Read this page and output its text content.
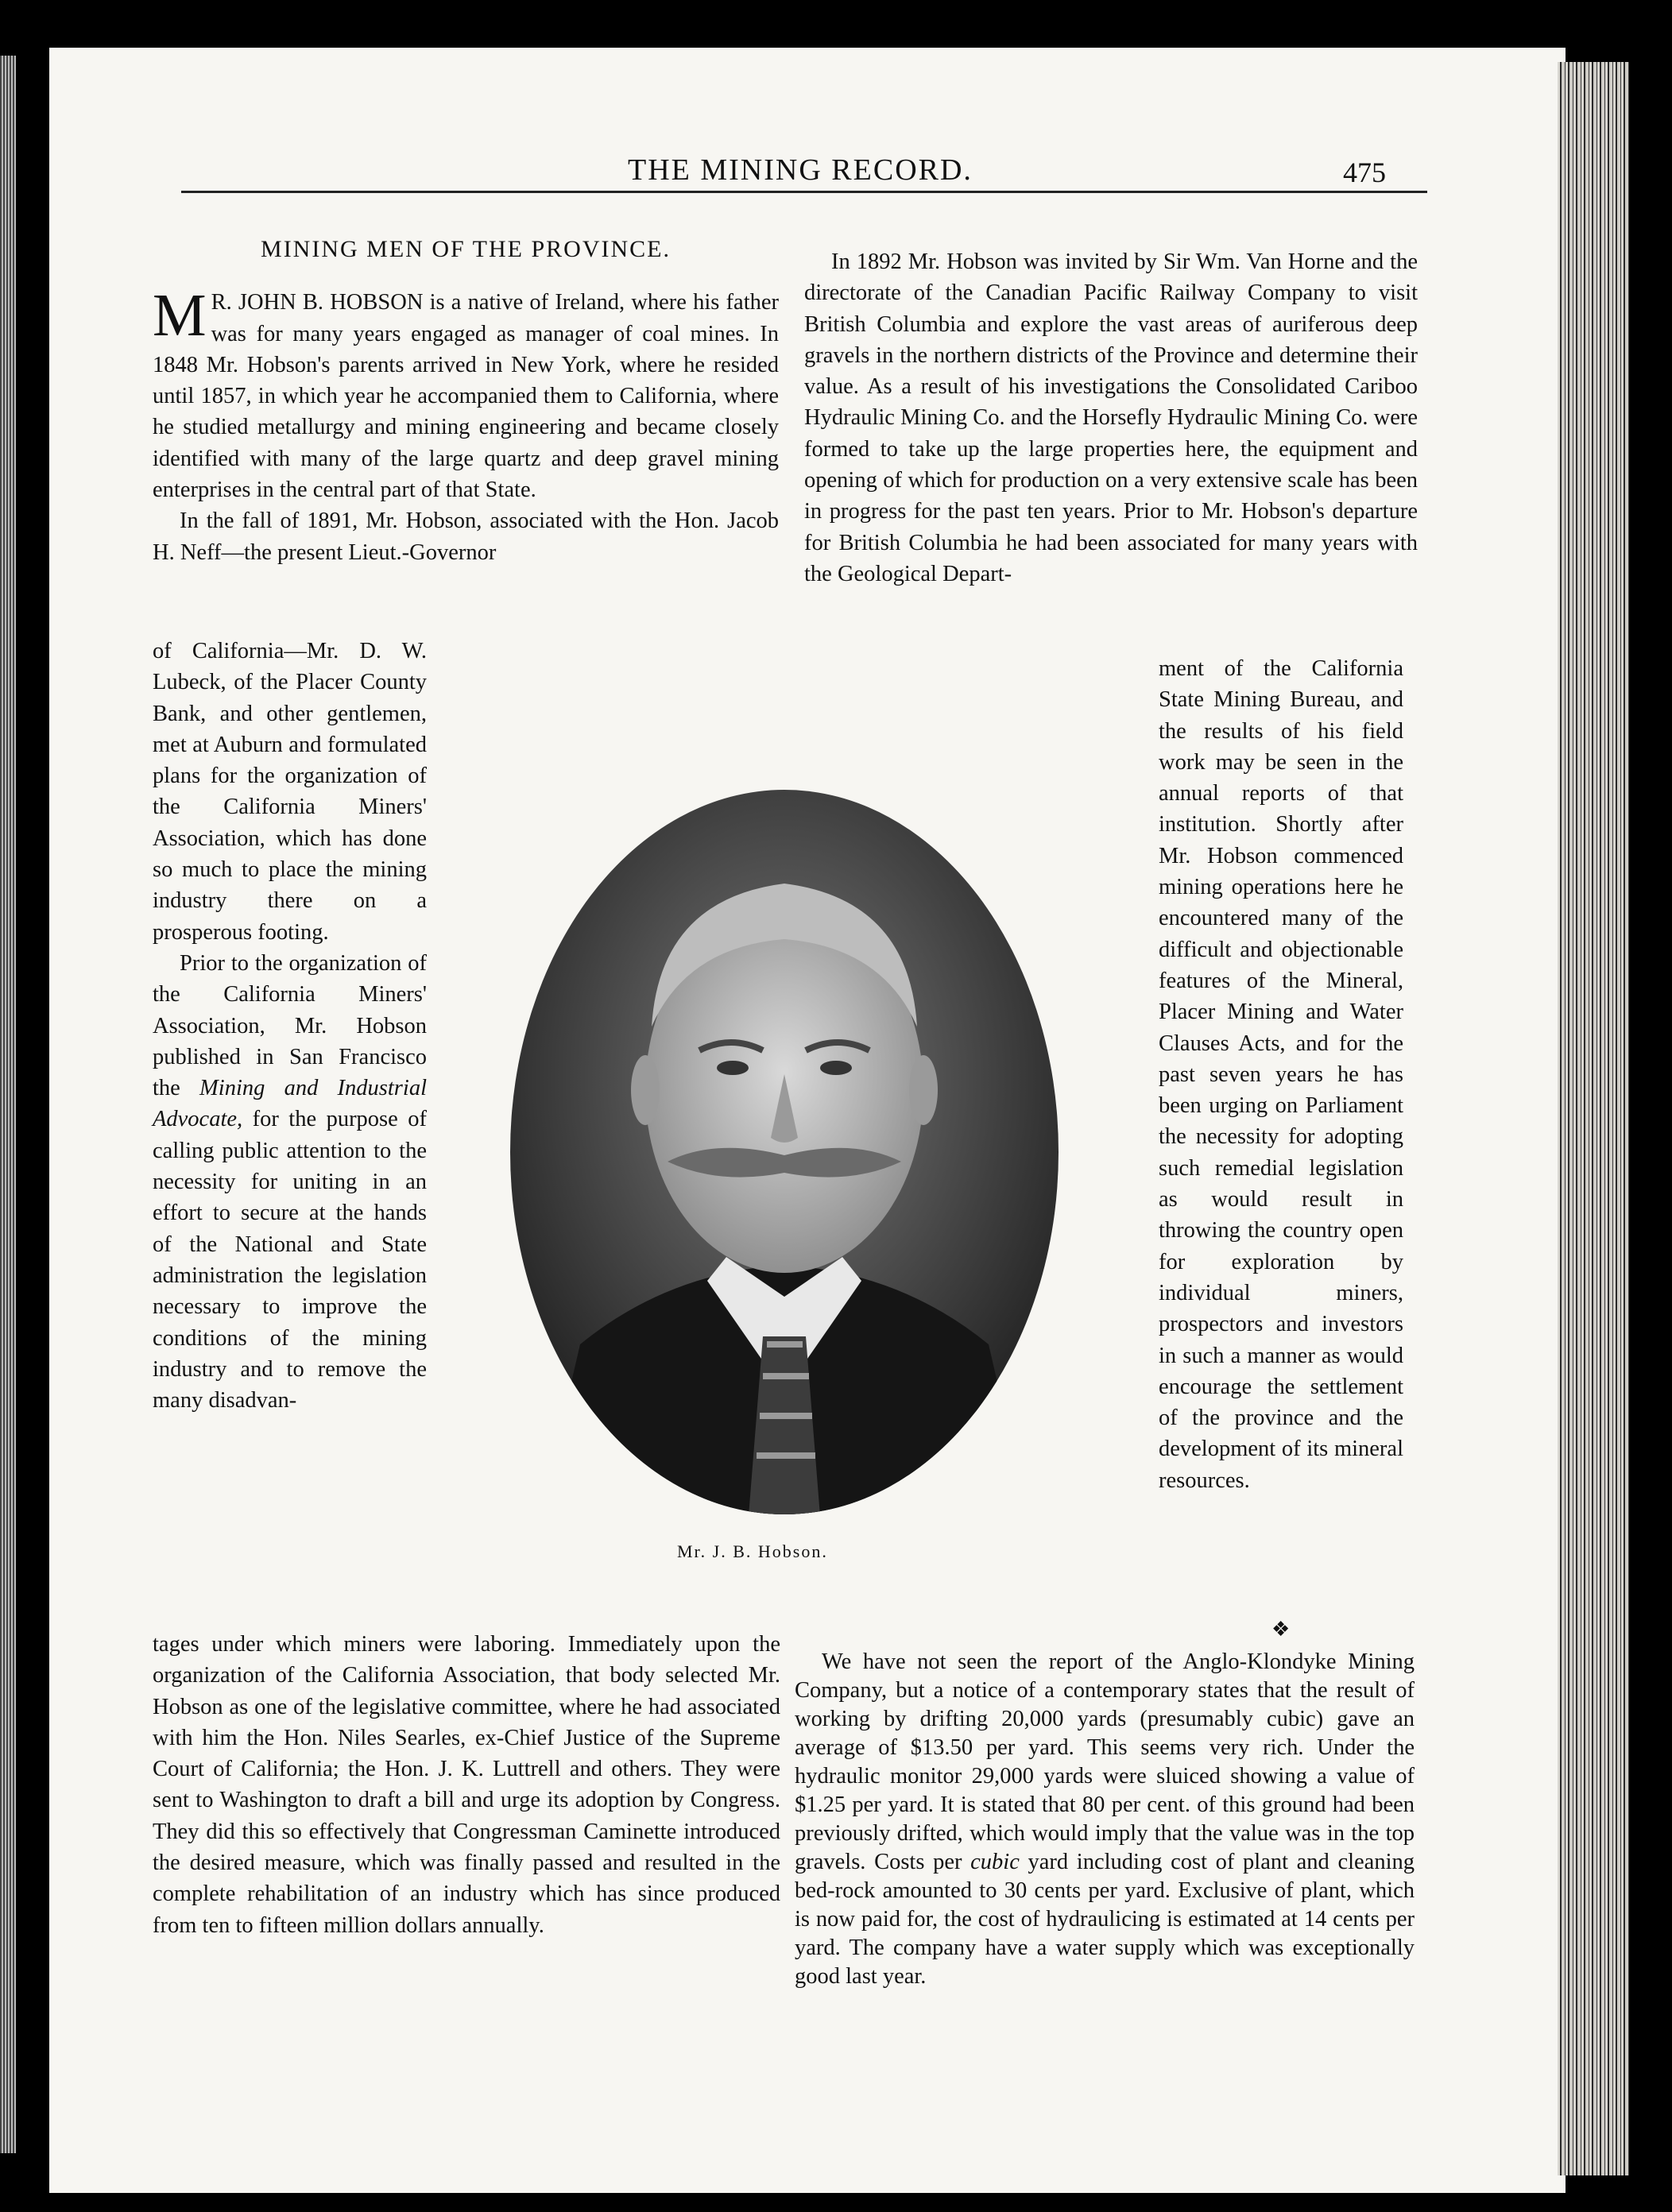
THE MINING RECORD.	475
MINING MEN OF THE PROVINCE.

M R. JOHN B. HOBSON is a native of Ireland, where his father was for many years engaged as manager of coal mines. In 1848 Mr. Hobson's parents arrived in New York, where he resided until 1857, in which year he accompanied them to California, where he studied metallurgy and mining engineering and became closely identified with many of the large quartz and deep gravel mining enterprises in the central part of that State.

In the fall of 1891, Mr. Hobson, associated with the Hon. Jacob H. Neff—the present Lieut.-Governor

of California—Mr. D. W. Lubeck, of the Placer County Bank, and other gentlemen, met at Auburn and formulated plans for the organization of the California Miners' Association, which has done so much to place the mining industry there on a prosperous footing.

Prior to the organization of the California Miners' Association, Mr. Hobson published in San Francisco the Mining and Industrial Advocate, for the purpose of calling public attention to the necessity for uniting in an effort to secure at the hands of the National and State administration the legislation necessary to improve the conditions of the mining industry and to remove the many disadvan-

In 1892 Mr. Hobson was invited by Sir Wm. Van Horne and the directorate of the Canadian Pacific Railway Company to visit British Columbia and explore the vast areas of auriferous deep gravels in the northern districts of the Province and determine their value. As a result of his investigations the Consolidated Cariboo Hydraulic Mining Co. and the Horsefly Hydraulic Mining Co. were formed to take up the large properties here, the equipment and opening of which for production on a very extensive scale has been in progress for the past ten years. Prior to Mr. Hobson's departure for British Columbia he had been associated for many years with the Geological Depart-

ment of the California State Mining Bureau, and the results of his field work may be seen in the annual reports of that institution. Shortly after Mr. Hobson commenced mining operations here he encountered many of the difficult and objectionable features of the Mineral, Placer Mining and Water Clauses Acts, and for the past seven years he has been urging on Parliament the necessity for adopting such remedial legislation as would result in throwing the country open for exploration by individual miners, prospectors and investors in such a manner as would encourage the settlement of the province and the development of its mineral resources.

Mr. J. B. Hobson.
❖

tages under which miners were laboring. Immediately upon the organization of the California Association, that body selected Mr. Hobson as one of the legislative committee, where he had associated with him the Hon. Niles Searles, ex-Chief Justice of the Supreme Court of California; the Hon. J. K. Luttrell and others. They were sent to Washington to draft a bill and urge its adoption by Congress. They did this so effectively that Congressman Caminette introduced the desired measure, which was finally passed and resulted in the complete rehabilitation of an industry which has since produced from ten to fifteen million dollars annually.

We have not seen the report of the Anglo-Klondyke Mining Company, but a notice of a contemporary states that the result of working by drifting 20,000 yards (presumably cubic) gave an average of $13.50 per yard. This seems very rich. Under the hydraulic monitor 29,000 yards were sluiced showing a value of $1.25 per yard. It is stated that 80 per cent. of this ground had been previously drifted, which would imply that the value was in the top gravels. Costs per cubic yard including cost of plant and cleaning bed-rock amounted to 30 cents per yard. Exclusive of plant, which is now paid for, the cost of hydraulicing is estimated at 14 cents per yard. The company have a water supply which was exceptionally good last year.
